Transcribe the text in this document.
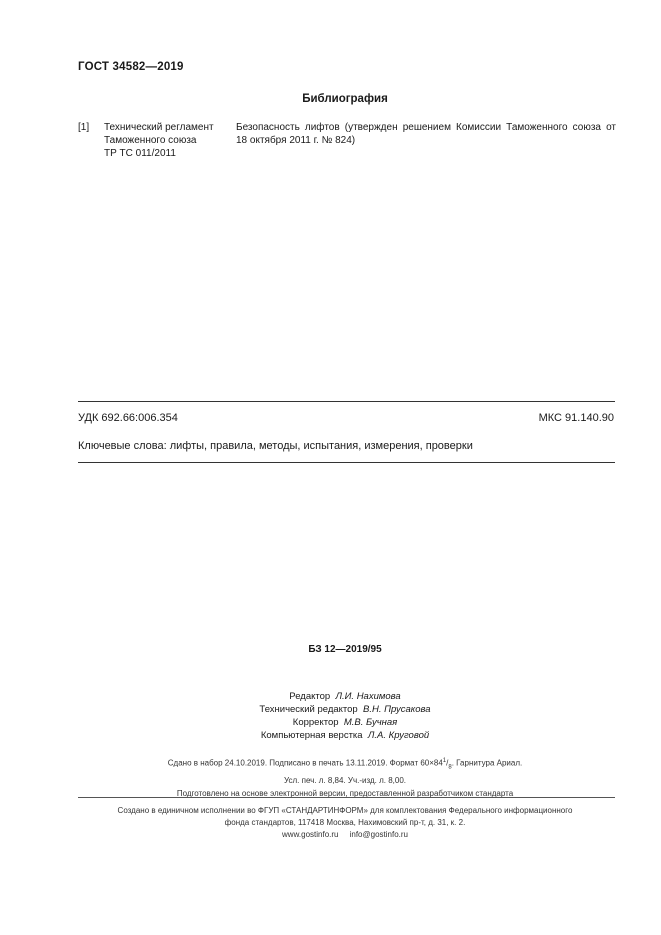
ГОСТ 34582—2019
Библиография
[1] Технический регламент
Таможенного союза
ТР ТС 011/2011
Безопасность лифтов (утвержден решением Комиссии Таможенного союза от
18 октября 2011 г. № 824)
УДК 692.66:006.354	МКС 91.140.90
Ключевые слова: лифты, правила, методы, испытания, измерения, проверки
БЗ 12—2019/95
Редактор Л.И. Нахимова
Технический редактор В.Н. Прусакова
Корректор М.В. Бучная
Компьютерная верстка Л.А. Круговой
Сдано в набор 24.10.2019. Подписано в печать 13.11.2019. Формат $60\times 84^1/_8$. Гарнитура Ариал.
Усл. печ. л. 8,84. Уч.-изд. л. 8,00.
Подготовлено на основе электронной версии, предоставленной разработчиком стандарта
Создано в единичном исполнении во ФГУП «СТАНДАРТИНФОРМ» для комплектования Федерального информационного
фонда стандартов, 117418 Москва, Нахимовский пр-т, д. 31, к. 2.
www.gostinfo.ru info@gostinfo.ru
